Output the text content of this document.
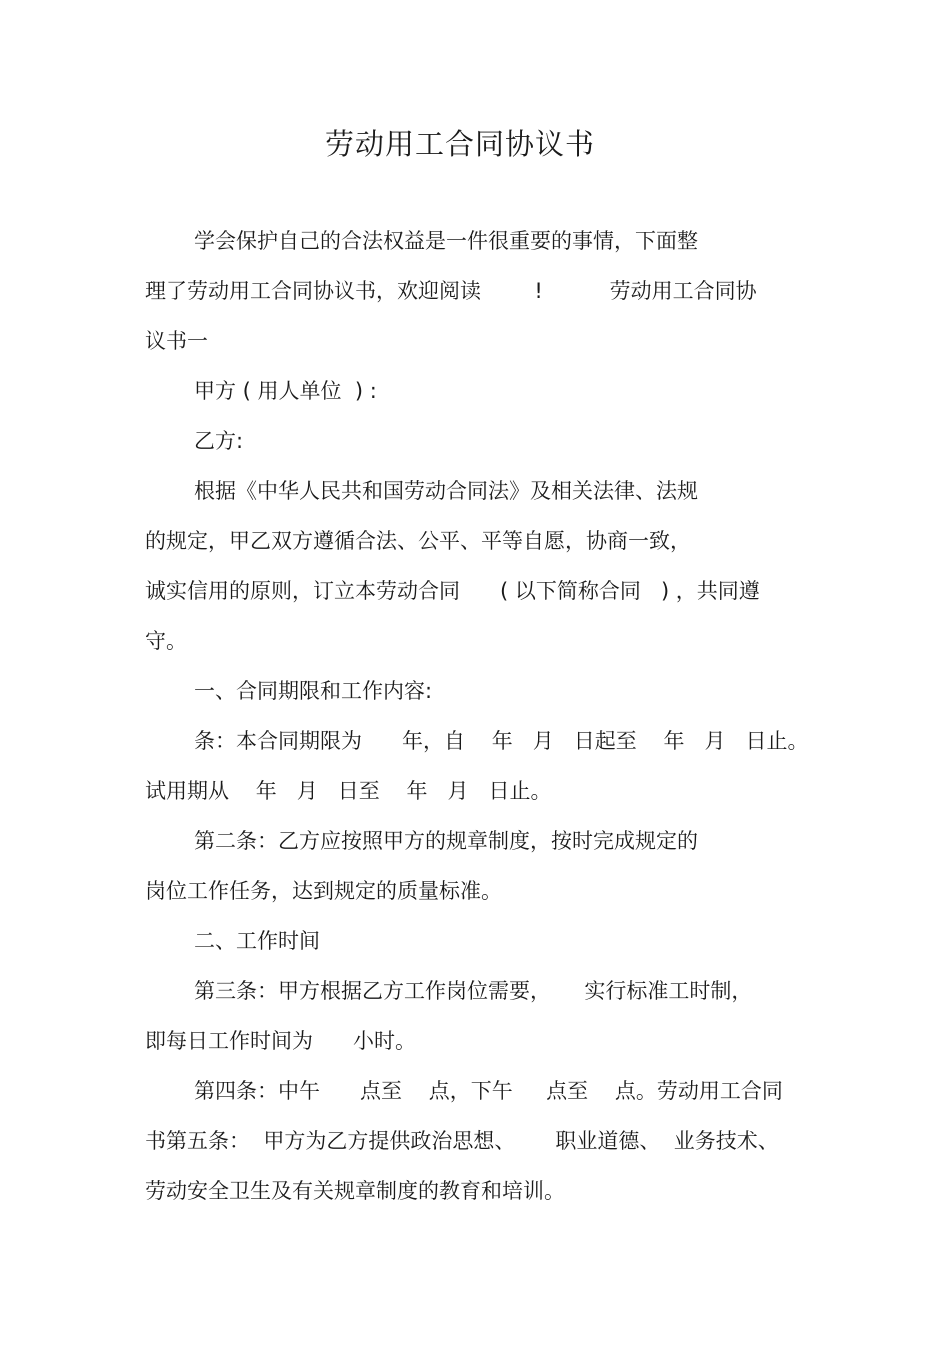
劳动用工合同协议书
学会保护自己的合法权益是一件很重要的事情，下面整
理了劳动用工合同协议书，欢迎阅读        !          劳动用工合同协
议书一
甲方 ( 用人单位  ) :
乙方:
根据《中华人民共和国劳动合同法》及相关法律、法规
的规定，甲乙双方遵循合法、公平、平等自愿，协商一致，
诚实信用的原则，订立本劳动合同      ( 以下简称合同   ) ，共同遵
守。
一、合同期限和工作内容:
条：本合同期限为      年，自    年   月   日起至    年   月   日止。
试用期从    年   月   日至    年   月   日止。
第二条：乙方应按照甲方的规章制度，按时完成规定的
岗位工作任务，达到规定的质量标准。
二、工作时间
第三条：甲方根据乙方工作岗位需要，     实行标准工时制，
即每日工作时间为      小时。
第四条：中午      点至    点，下午     点至    点。劳动用工合同
书第五条：  甲方为乙方提供政治思想、      职业道德、  业务技术、
劳动安全卫生及有关规章制度的教育和培训。
